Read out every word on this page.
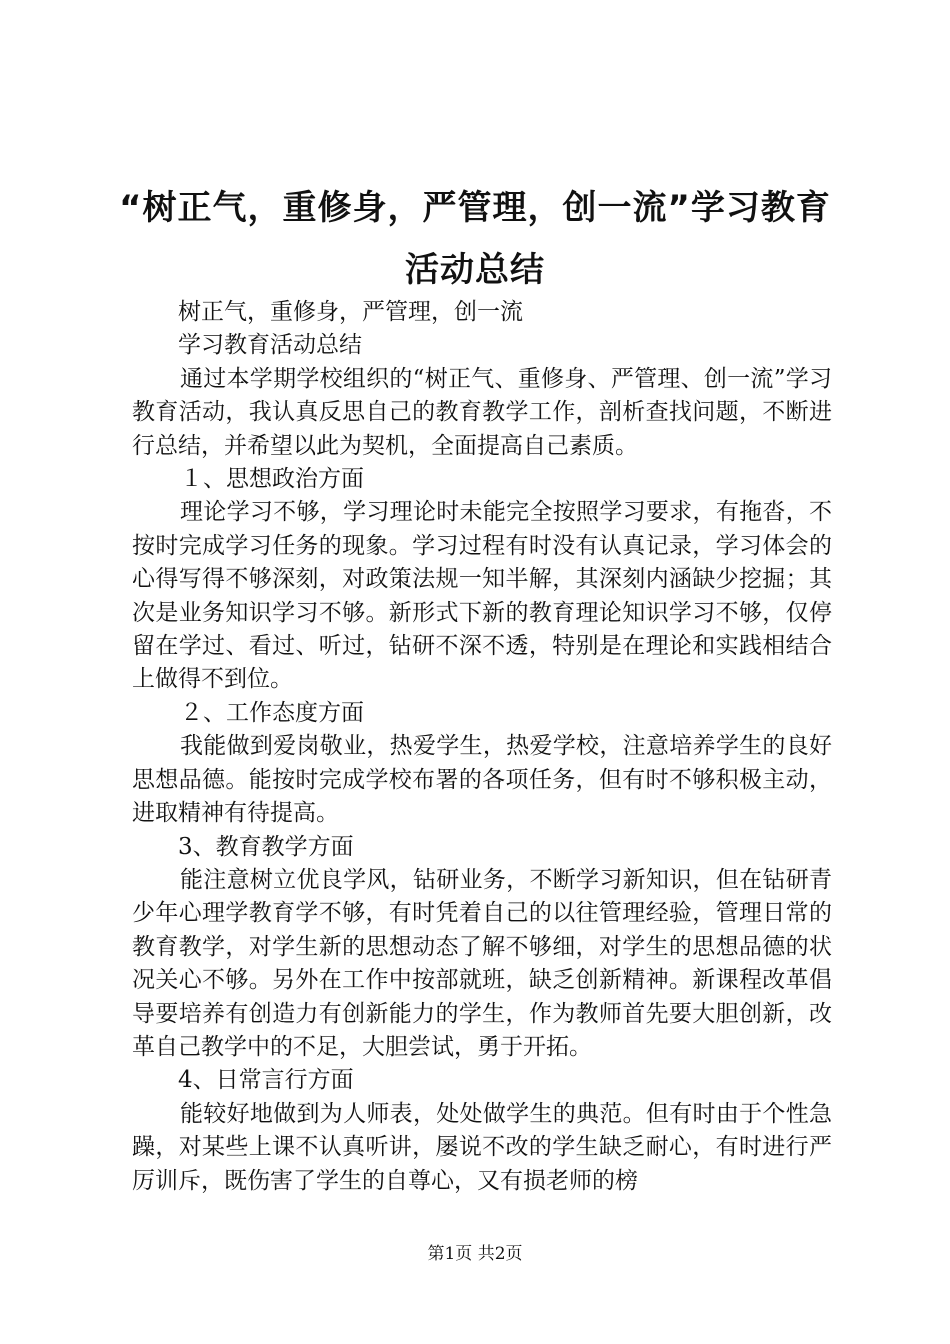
“树正气，重修身，严管理，创一流”学习教育
活动总结

树正气，重修身，严管理，创一流

学习教育活动总结

通过本学期学校组织的“树正气、重修身、严管理、创一流”学习教育活动，我认真反思自己的教育教学工作，剖析查找问题，不断进行总结，并希望以此为契机，全面提高自己素质。

１、思想政治方面

理论学习不够，学习理论时未能完全按照学习要求，有拖沓，不按时完成学习任务的现象。学习过程有时没有认真记录，学习体会的心得写得不够深刻，对政策法规一知半解，其深刻内涵缺少挖掘；其次是业务知识学习不够。新形式下新的教育理论知识学习不够，仅停留在学过、看过、听过，钻研不深不透，特别是在理论和实践相结合上做得不到位。

２、工作态度方面

我能做到爱岗敬业，热爱学生，热爱学校，注意培养学生的良好思想品德。能按时完成学校布署的各项任务，但有时不够积极主动，进取精神有待提高。

3、教育教学方面

能注意树立优良学风，钻研业务，不断学习新知识，但在钻研青少年心理学教育学不够，有时凭着自己的以往管理经验，管理日常的教育教学，对学生新的思想动态了解不够细，对学生的思想品德的状况关心不够。另外在工作中按部就班，缺乏创新精神。新课程改革倡导要培养有创造力有创新能力的学生，作为教师首先要大胆创新，改革自己教学中的不足，大胆尝试，勇于开拓。

4、日常言行方面

能较好地做到为人师表，处处做学生的典范。但有时由于个性急躁，对某些上课不认真听讲，屡说不改的学生缺乏耐心，有时进行严厉训斥，既伤害了学生的自尊心，又有损老师的榜

第1页 共2页
